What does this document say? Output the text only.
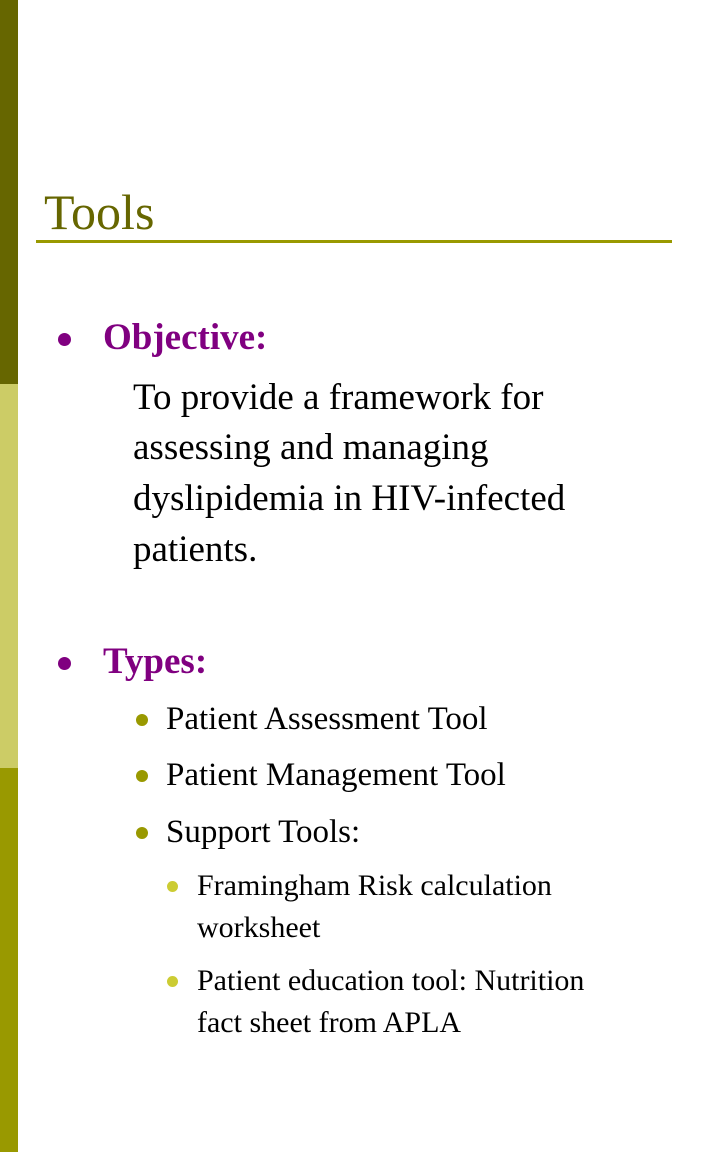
Tools
Objective:
To provide a framework for
assessing and managing
dyslipidemia in HIV-infected
patients.
Types:
Patient Assessment Tool
Patient Management Tool
Support Tools:
Framingham Risk calculation
worksheet
Patient education tool: Nutrition
fact sheet from APLA
